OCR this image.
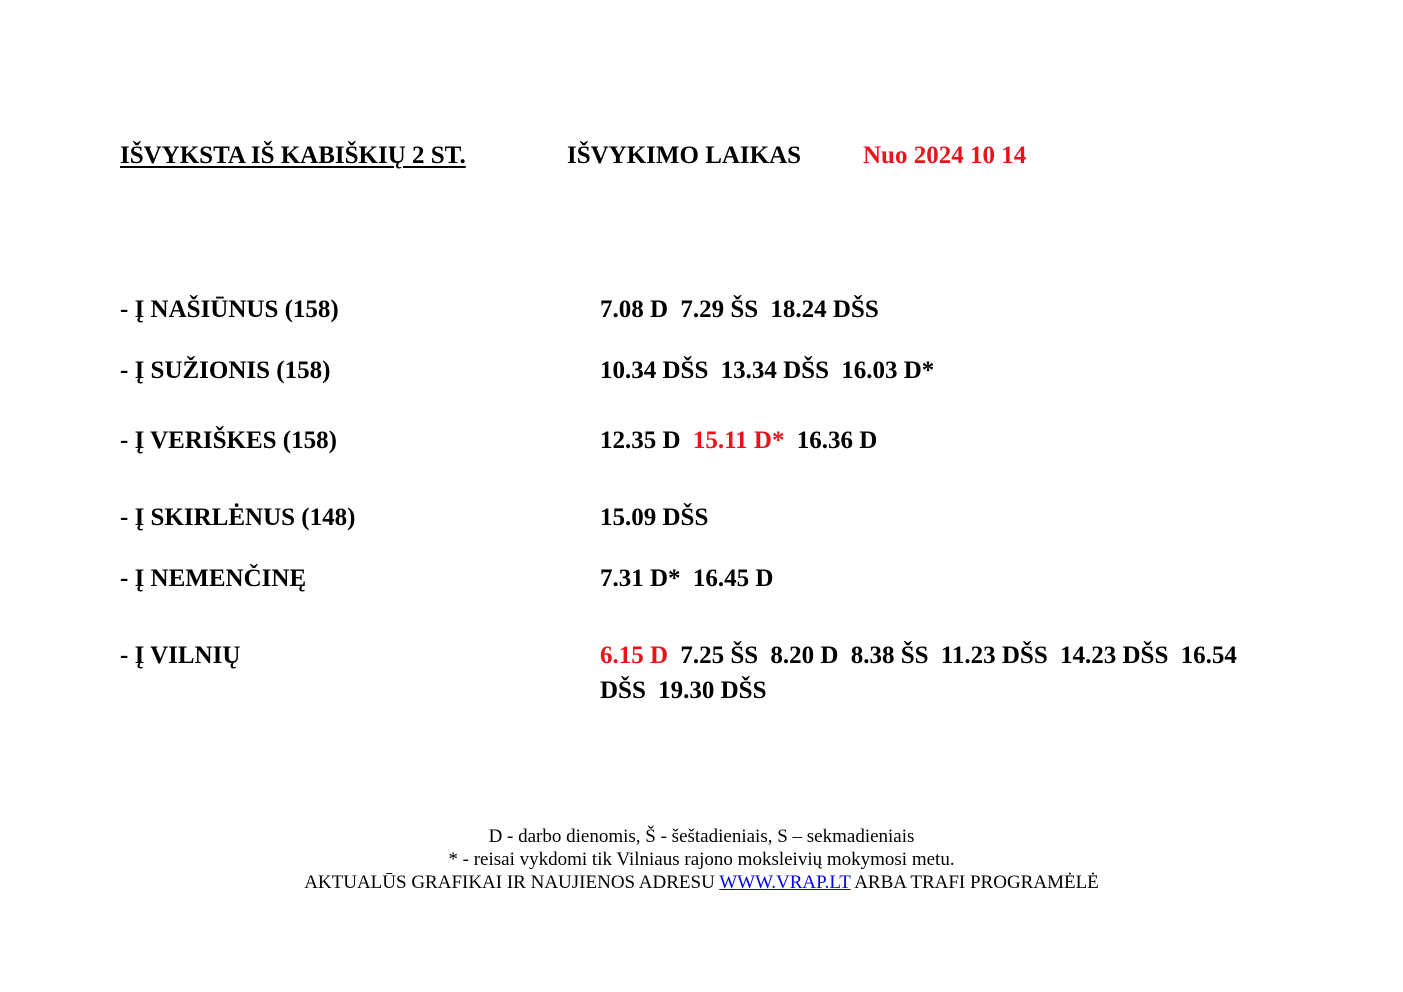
IŠVYKSTA IŠ KABIŠKIŲ 2 ST.	IŠVYKIMO LAIKAS Nuo 2024 10 14
- Į NAŠIŪNUS (158)	7.08 D 7.29 ŠS 18.24 DŠS
- Į SUŽIONIS (158)	10.34 DŠS 13.34 DŠS 16.03 D*
- Į VERIŠKES (158)	12.35 D 15.11 D* 16.36 D
- Į SKIRLĖNUS (148)	15.09 DŠS
- Į NEMENČINĘ	7.31 D* 16.45 D
- Į VILNIŲ	6.15 D 7.25 ŠS 8.20 D 8.38 ŠS 11.23 DŠS 14.23 DŠS 16.54 DŠS 19.30 DŠS
D - darbo dienomis, Š - šeštadieniais, S – sekmadieniais
* - reisai vykdomi tik Vilniaus rajono moksleivių mokymosi metu.
AKTUALŪS GRAFIKAI IR NAUJIENOS ADRESU WWW.VRAP.LT ARBA TRAFI PROGRAMĖLĖ
